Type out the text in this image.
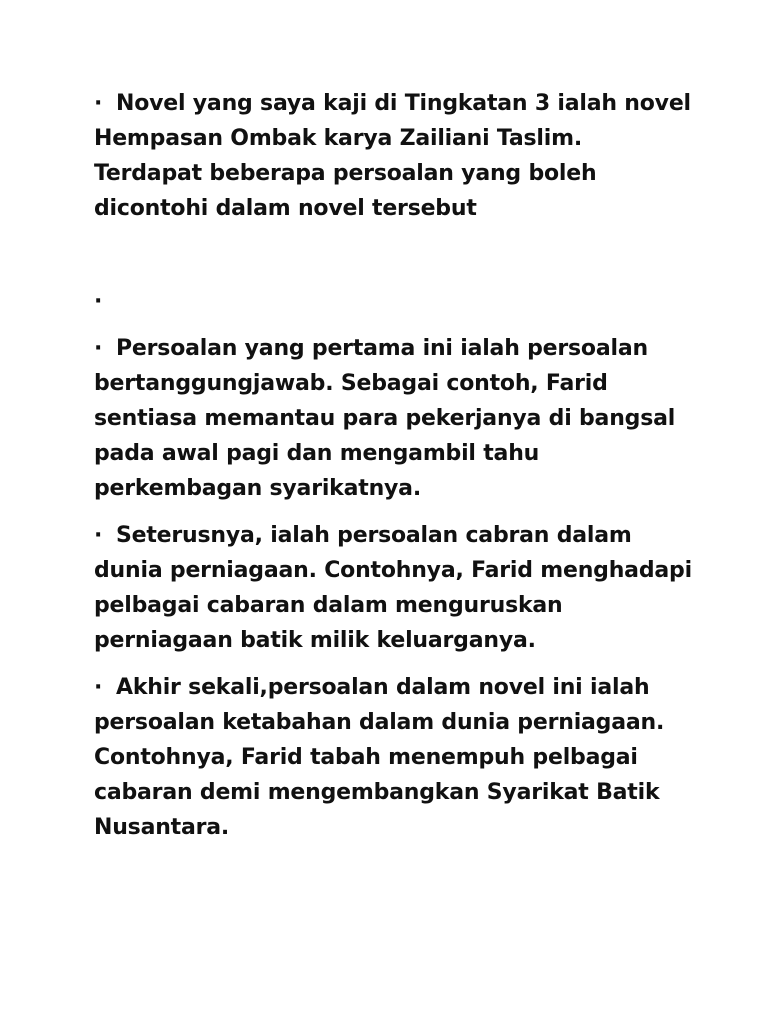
· Novel yang saya kaji di Tingkatan 3 ialah novel Hempasan Ombak karya Zailiani Taslim. Terdapat beberapa persoalan yang boleh dicontohi dalam novel tersebut

·

· Persoalan yang pertama ini ialah persoalan bertanggungjawab. Sebagai contoh, Farid sentiasa memantau para pekerjanya di bangsal pada awal pagi dan mengambil tahu perkembagan syarikatnya.

· Seterusnya, ialah persoalan cabran dalam dunia perniagaan. Contohnya, Farid menghadapi pelbagai cabaran dalam menguruskan perniagaan batik milik keluarganya.

· Akhir sekali,persoalan dalam novel ini ialah persoalan ketabahan dalam dunia perniagaan. Contohnya, Farid tabah menempuh pelbagai cabaran demi mengembangkan Syarikat Batik Nusantara.
